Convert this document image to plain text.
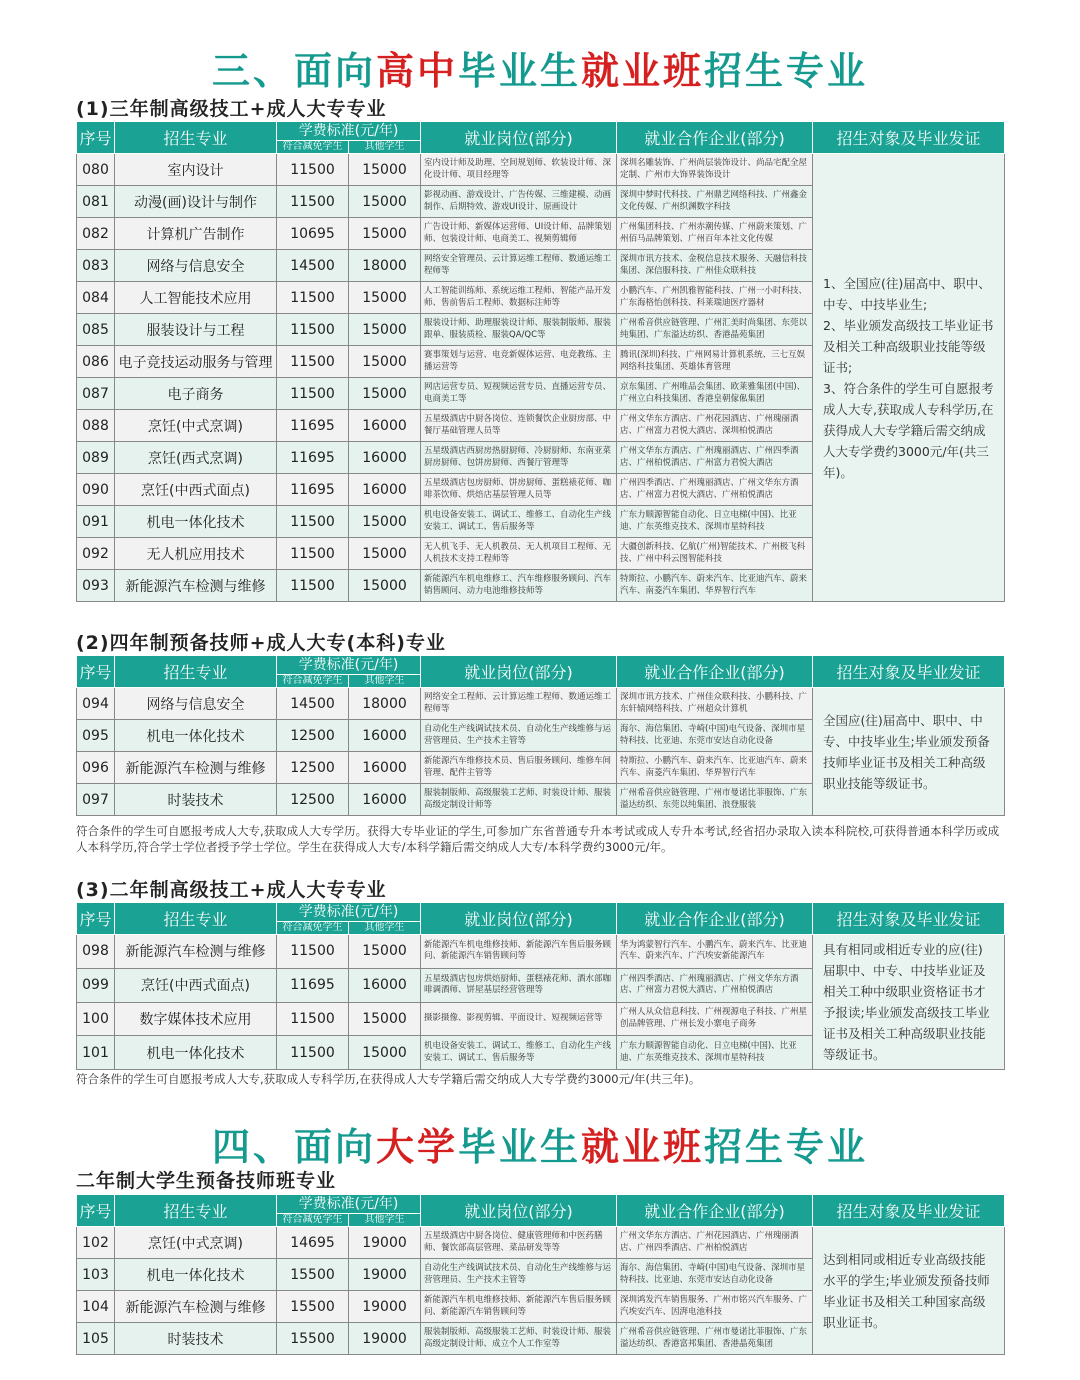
三、面向高中毕业生就业班招生专业
(1)三年制高级技工+成人大专专业
序号	招生专业	学费标准(元/年)		就业岗位(部分)	就业合作企业(部分)	招生对象及毕业发证
		符合减免学生	其他学生			
080	室内设计	11500	15000	室内设计师及助理、空间规划师、软装设计师、深化设计师、项目经理等	深圳名雕装饰、广州尚层装饰设计、尚品宅配全屋定制、广州市大饰界装饰设计	1、全国应(往)届高中、职中、中专、中技毕业生;
2、毕业颁发高级技工毕业证书及相关工种高级职业技能等级证书;
3、符合条件的学生可自愿报考成人大专,获取成人专科学历,在获得成人大专学籍后需交纳成人大专学费约3000元/年(共三年)。
081	动漫(画)设计与制作	11500	15000	影视动画、游戏设计、广告传媒、三维建模、动画制作、后期特效、游戏UI设计、原画设计	深圳中梦时代科技、广州鼎艺网络科技、广州鑫金文化传媒、广州织渊数字科技	
082	计算机广告制作	10695	15000	广告设计师、新媒体运营师、UI设计师、品牌策划师、包装设计师、电商美工、视频剪辑师	广州集团科技、广州赤潮传媒、广州蔚来策划、广州佰马品牌策划、广州百年本社文化传媒	
083	网络与信息安全	14500	18000	网络安全管理员、云计算运维工程师、数通运维工程师等	深圳市讯方技术、金税信息技术服务、天融信科技集团、深信服科技、广州佳众联科技	
084	人工智能技术应用	11500	15000	人工智能训练师、系统运维工程师、智能产品开发师、售前售后工程师、数据标注师等	小鹏汽车、广州凯雅智能科技、广州一小时科技、广东海格怡创科技、科莱瑞迪医疗器材	
085	服装设计与工程	11500	15000	服装设计师、助理服装设计师、服装制版师、服装跟单、服装质检、服装QA/QC等	广州希音供应链管理、广州汇美时尚集团、东莞以纯集团、广东溢达纺织、香港晶苑集团	
086	电子竞技运动服务与管理	11500	15000	赛事策划与运营、电竞新媒体运营、电竞教练、主播运营等	腾讯(深圳)科技、广州网易计算机系统、三七互娱网络科技集团、英雄体育管理	
087	电子商务	11500	15000	网店运营专员、短视频运营专员、直播运营专员、电商美工等	京东集团、广州唯品会集团、欧莱雅集团(中国)、广州立白科技集团、香港皇朝傢俬集团	
088	烹饪(中式烹调)	11695	16000	五星级酒店中厨各岗位、连锁餐饮企业厨房部、中餐厅基础管理人员等	广州文华东方酒店、广州花园酒店、广州瑰丽酒店、广州富力君悦大酒店、深圳柏悦酒店	
089	烹饪(西式烹调)	11695	16000	五星级酒店西厨房热厨厨师、冷厨厨师、东南亚菜厨房厨师、包饼房厨师、西餐厅管理等	广州文华东方酒店、广州瑰丽酒店、广州四季酒店、广州柏悦酒店、广州富力君悦大酒店	
090	烹饪(中西式面点)	11695	16000	五星级酒店包房厨师、饼房厨师、蛋糕裱花师、咖啡茶饮师、烘焙店基层管理人员等	广州四季酒店、广州瑰丽酒店、广州文华东方酒店、广州富力君悦大酒店、广州柏悦酒店	
091	机电一体化技术	11500	15000	机电设备安装工、调试工、维修工、自动化生产线安装工、调试工、售后服务等	广东力顺源智能自动化、日立电梯(中国)、比亚迪、广东英维克技术、深圳市星特科技	
092	无人机应用技术	11500	15000	无人机飞手、无人机教员、无人机项目工程师、无人机技术支持工程师等	大疆创新科技、亿航(广州)智能技术、广州极飞科技、广州中科云图智能科技	
093	新能源汽车检测与维修	11500	15000	新能源汽车机电维修工、汽车维修服务顾问、汽车销售顾问、动力电池维修技师等	特斯拉、小鹏汽车、蔚来汽车、比亚迪汽车、蔚来汽车、南菱汽车集团、华界智行汽车	
(2)四年制预备技师+成人大专(本科)专业
序号	招生专业	学费标准(元/年)		就业岗位(部分)	就业合作企业(部分)	招生对象及毕业发证
		符合减免学生	其他学生			
094	网络与信息安全	14500	18000	网络安全工程师、云计算运维工程师、数通运维工程师等	深圳市讯方技术、广州佳众联科技、小鹏科技、广东轩辕网络科技、广州超众计算机	全国应(往)届高中、职中、中专、中技毕业生;毕业颁发预备技师毕业证书及相关工种高级职业技能等级证书。
095	机电一体化技术	12500	16000	自动化生产线调试技术员、自动化生产线维修与运营管理员、生产技术主管等	海尔、海信集团、寺崎(中国)电气设备、深圳市星特科技、比亚迪、东莞市安达自动化设备	
096	新能源汽车检测与维修	12500	16000	新能源汽车维修技术员、售后服务顾问、维修车间管理、配件主管等	特斯拉、小鹏汽车、蔚来汽车、比亚迪汽车、蔚来汽车、南菱汽车集团、华界智行汽车	
097	时装技术	12500	16000	服装制版师、高级服装工艺师、时装设计师、服装高级定制设计师等	广州希音供应链管理、广州市曼诺比菲服饰、广东溢达纺织、东莞以纯集团、浪登服装	
符合条件的学生可自愿报考成人大专,获取成人大专学历。获得大专毕业证的学生,可参加广东省普通专升本考试或成人专升本考试,经省招办录取入读本科院校,可获得普通本科学历或成人本科学历,符合学士学位者授予学士学位。学生在获得成人大专/本科学籍后需交纳成人大专/本科学费约3000元/年。
(3)二年制高级技工+成人大专专业
序号	招生专业	学费标准(元/年)		就业岗位(部分)	就业合作企业(部分)	招生对象及毕业发证
		符合减免学生	其他学生			
098	新能源汽车检测与维修	11500	15000	新能源汽车机电维修技师、新能源汽车售后服务顾问、新能源汽车销售顾问等	华为鸿蒙智行汽车、小鹏汽车、蔚来汽车、比亚迪汽车、蔚来汽车、广汽埃安新能源汽车	具有相同或相近专业的应(往)届职中、中专、中技毕业证及相关工种中级职业资格证书才予报读;毕业颁发高级技工毕业证书及相关工种高级职业技能等级证书。
099	烹饪(中西式面点)	11695	16000	五星级酒店包房烘焙厨师、蛋糕裱花师、酒水部咖啡调酒师、饼屋基层经营管理等	广州四季酒店、广州瑰丽酒店、广州文华东方酒店、广州富力君悦大酒店、广州柏悦酒店	
100	数字媒体技术应用	11500	15000	摄影摄像、影视剪辑、平面设计、短视频运营等	广州人从众信息科技、广州视源电子科技、广州星创品牌管理、广州长发小寨电子商务	
101	机电一体化技术	11500	15000	机电设备安装工、调试工、维修工、自动化生产线安装工、调试工、售后服务等	广东力顺源智能自动化、日立电梯(中国)、比亚迪、广东英维克技术、深圳市星特科技	
符合条件的学生可自愿报考成人大专,获取成人专科学历,在获得成人大专学籍后需交纳成人大专学费约3000元/年(共三年)。
四、面向大学毕业生就业班招生专业
二年制大学生预备技师班专业
序号	招生专业	学费标准(元/年)		就业岗位(部分)	就业合作企业(部分)	招生对象及毕业发证
		符合减免学生	其他学生			
102	烹饪(中式烹调)	14695	19000	五星级酒店中厨各岗位、健康管理师和中医药膳师、餐饮部高层管理、菜品研发等等	广州文华东方酒店、广州花园酒店、广州瑰丽酒店、广州四季酒店、广州柏悦酒店	达到相同或相近专业高级技能水平的学生;毕业颁发预备技师毕业证书及相关工种国家高级职业证书。
103	机电一体化技术	15500	19000	自动化生产线调试技术员、自动化生产线维修与运营管理员、生产技术主管等	海尔、海信集团、寺崎(中国)电气设备、深圳市星特科技、比亚迪、东莞市安达自动化设备	
104	新能源汽车检测与维修	15500	19000	新能源汽车机电维修技师、新能源汽车售后服务顾问、新能源汽车销售顾问等	深圳鸿发汽车销售服务、广州市铭兴汽车服务、广汽埃安汽车、因湃电池科技	
105	时装技术	15500	19000	服装制版师、高级服装工艺师、时装设计师、服装高级定制设计师、成立个人工作室等	广州希音供应链管理、广州市曼诺比菲服饰、广东溢达纺织、香港富邦集团、香港晶苑集团	
